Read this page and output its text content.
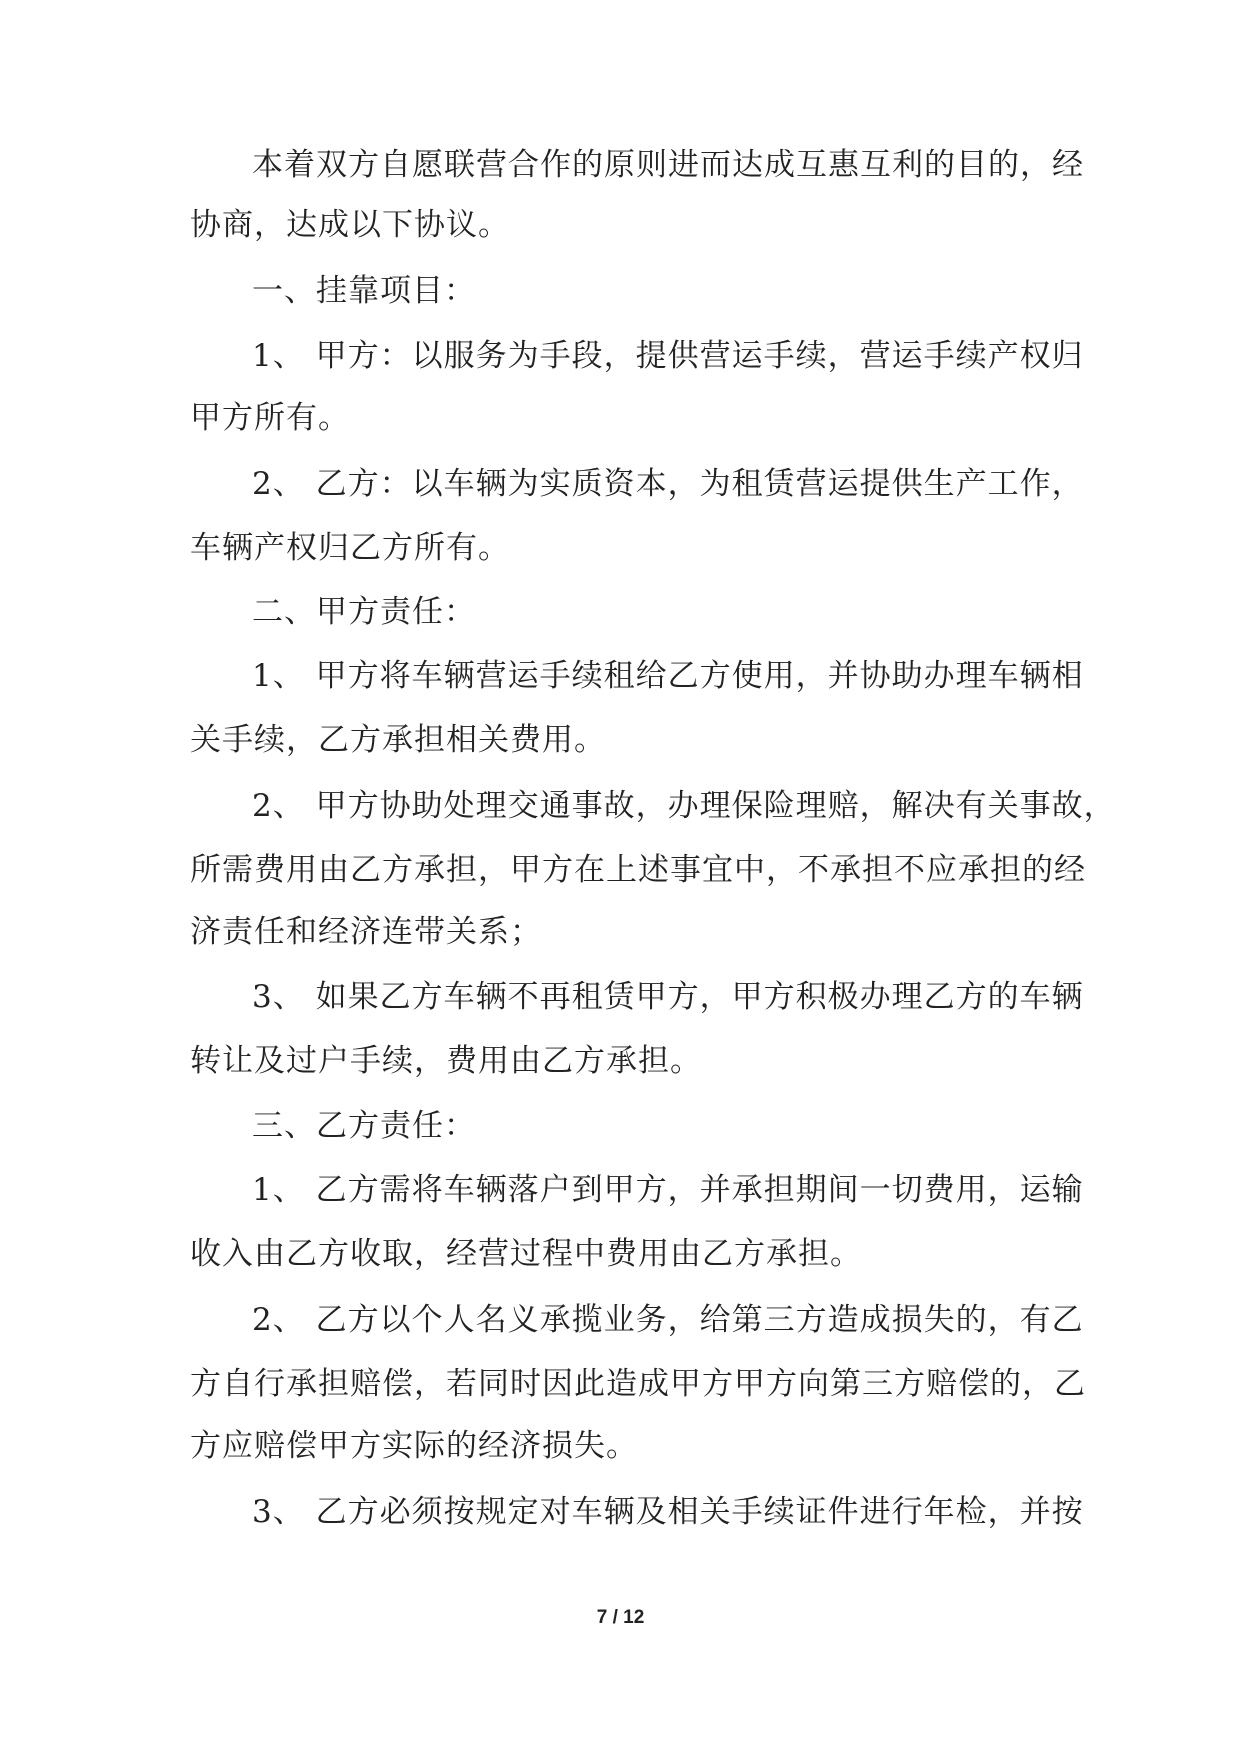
本着双方自愿联营合作的原则进而达成互惠互利的目的，经
协商，达成以下协议。
一、挂靠项目：
1、 甲方：以服务为手段，提供营运手续，营运手续产权归
甲方所有。
2、 乙方：以车辆为实质资本，为租赁营运提供生产工作，
车辆产权归乙方所有。
二、甲方责任：
1、 甲方将车辆营运手续租给乙方使用，并协助办理车辆相
关手续，乙方承担相关费用。
2、 甲方协助处理交通事故，办理保险理赔，解决有关事故，
所需费用由乙方承担，甲方在上述事宜中，不承担不应承担的经
济责任和经济连带关系；
3、 如果乙方车辆不再租赁甲方，甲方积极办理乙方的车辆
转让及过户手续，费用由乙方承担。
三、乙方责任：
1、 乙方需将车辆落户到甲方，并承担期间一切费用，运输
收入由乙方收取，经营过程中费用由乙方承担。
2、 乙方以个人名义承揽业务，给第三方造成损失的，有乙
方自行承担赔偿，若同时因此造成甲方甲方向第三方赔偿的，乙
方应赔偿甲方实际的经济损失。
3、 乙方必须按规定对车辆及相关手续证件进行年检，并按
7 / 12
